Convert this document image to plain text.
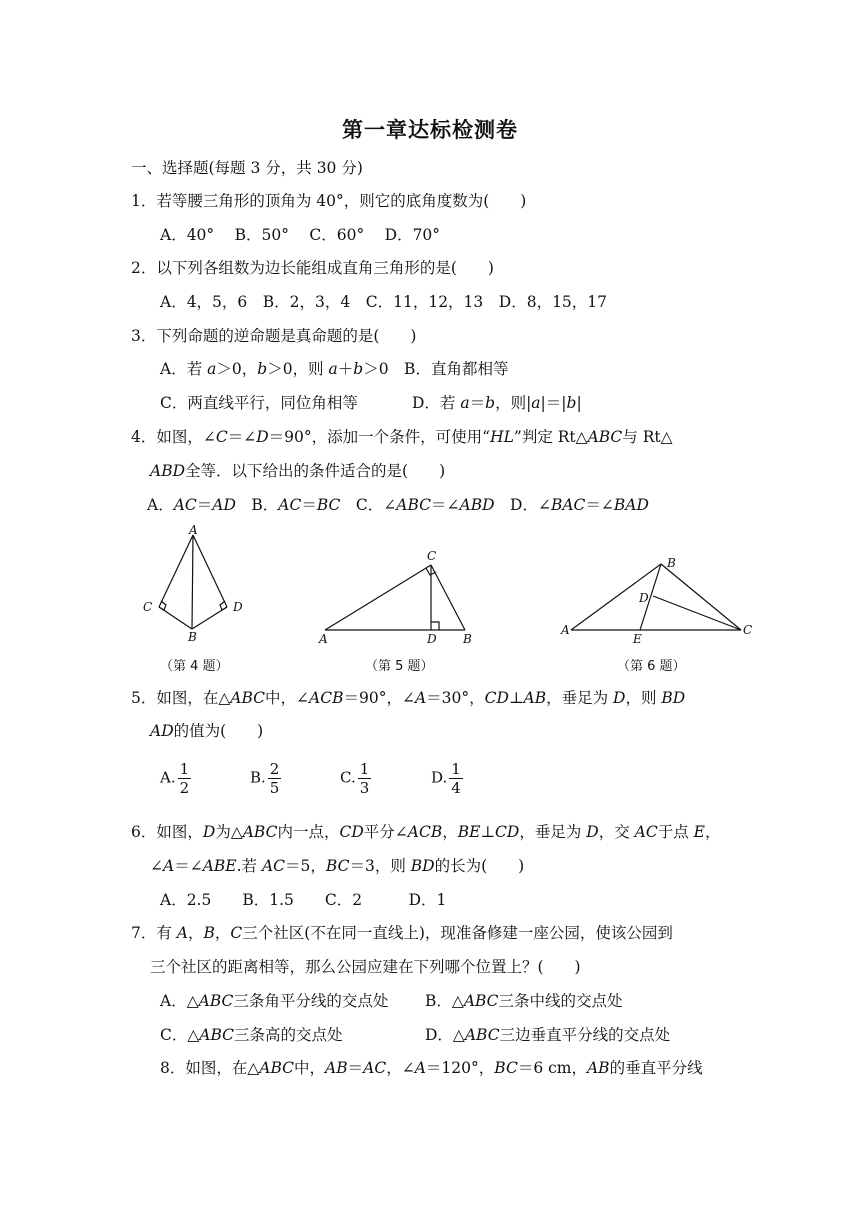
第一章达标检测卷
一、选择题(每题 3 分，共 30 分)
1．若等腰三角形的顶角为 40°，则它的底角度数为(　　)
A．40°　 B．50°　 C．60°　 D．70°
2．以下列各组数为边长能组成直角三角形的是(　　)
A．4，5，6　B．2，3，4　C．11，12，13　D．8，15，17
3．下列命题的逆命题是真命题的是(　　)
A．若 a＞0，b＞0，则 a＋b＞0　B．直角都相等
C．两直线平行，同位角相等	D．若 a＝b，则|a|＝|b|
4．如图，∠C＝∠D＝90°，添加一个条件，可使用“HL”判定 Rt△ABC与 Rt△
ABD全等．以下给出的条件适合的是(　　)
A．AC＝AD　B．AC＝BC　C．∠ABC＝∠ABD　D．∠BAC＝∠BAD
A
B
C	D
（第 4 题）
A	B
C
D
（第 5 题）
A
B
C
D
E
（第 6 题）
5．如图，在△ABC中，∠ACB＝90°，∠A＝30°，CD⊥AB，垂足为 D，则 BD
AD的值为(　　)
A. $\frac{1}{2}$	B. $\frac{2}{5}$	C. $\frac{1}{3}$	D. $\frac{1}{4}$
6．如图，D为△ABC内一点，CD平分∠ACB，BE⊥CD，垂足为 D，交 AC于点 E，
∠A＝∠ABE.若 AC＝5，BC＝3，则 BD的长为(　　)
A．2.5　　B．1.5　　C．2　　　D．1
7．有 A，B，C三个社区(不在同一直线上)，现准备修建一座公园，使该公园到
三个社区的距离相等，那么公园应建在下列哪个位置上？(　　)
A．△ABC三条角平分线的交点处 B．△ABC三条中线的交点处
C．△ABC三条高的交点处	D．△ABC三边垂直平分线的交点处
8．如图，在△ABC中，AB＝AC，∠A＝120°，BC＝6 cm，AB的垂直平分线
